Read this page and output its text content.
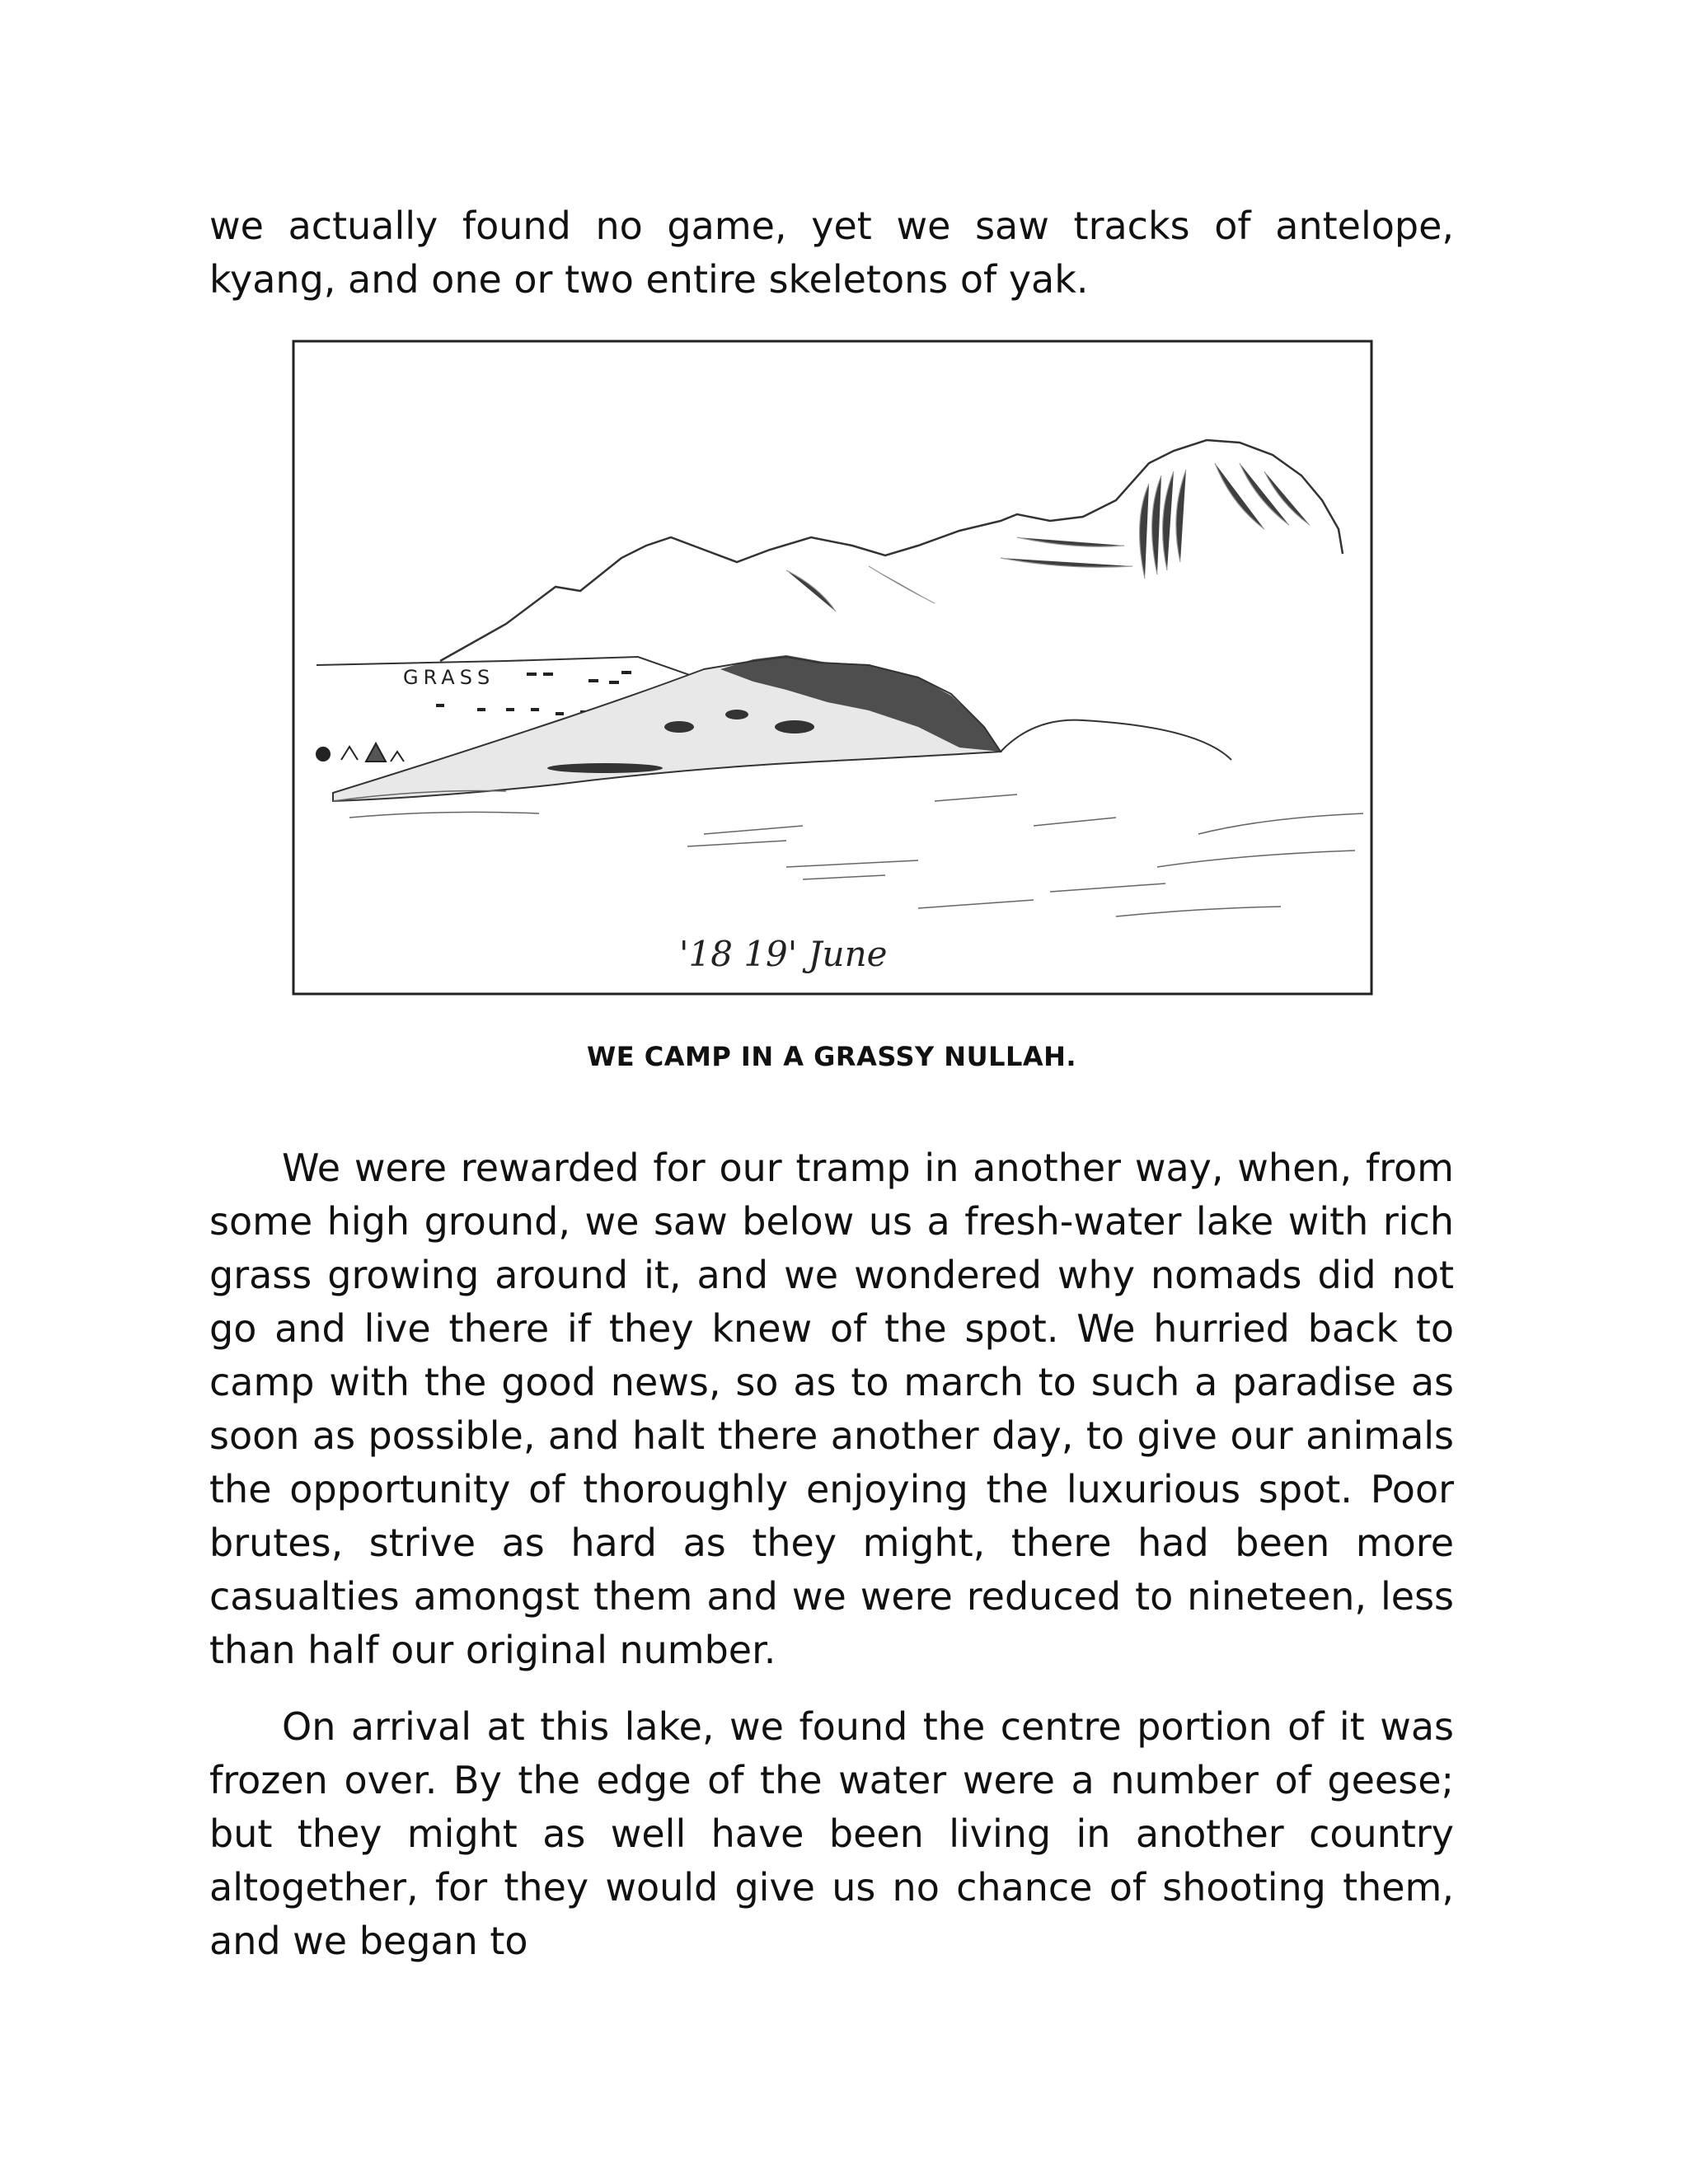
we actually found no game, yet we saw tracks of antelope, kyang, and one or two entire skeletons of yak.

GRASS
'18 19' June

WE CAMP IN A GRASSY NULLAH.

We were rewarded for our tramp in another way, when, from some high ground, we saw below us a fresh-water lake with rich grass growing around it, and we wondered why nomads did not go and live there if they knew of the spot. We hurried back to camp with the good news, so as to march to such a paradise as soon as possible, and halt there another day, to give our animals the opportunity of thoroughly enjoying the luxurious spot. Poor brutes, strive as hard as they might, there had been more casualties amongst them and we were reduced to nineteen, less than half our original number.

On arrival at this lake, we found the centre portion of it was frozen over. By the edge of the water were a number of geese; but they might as well have been living in another country altogether, for they would give us no chance of shooting them, and we began to
